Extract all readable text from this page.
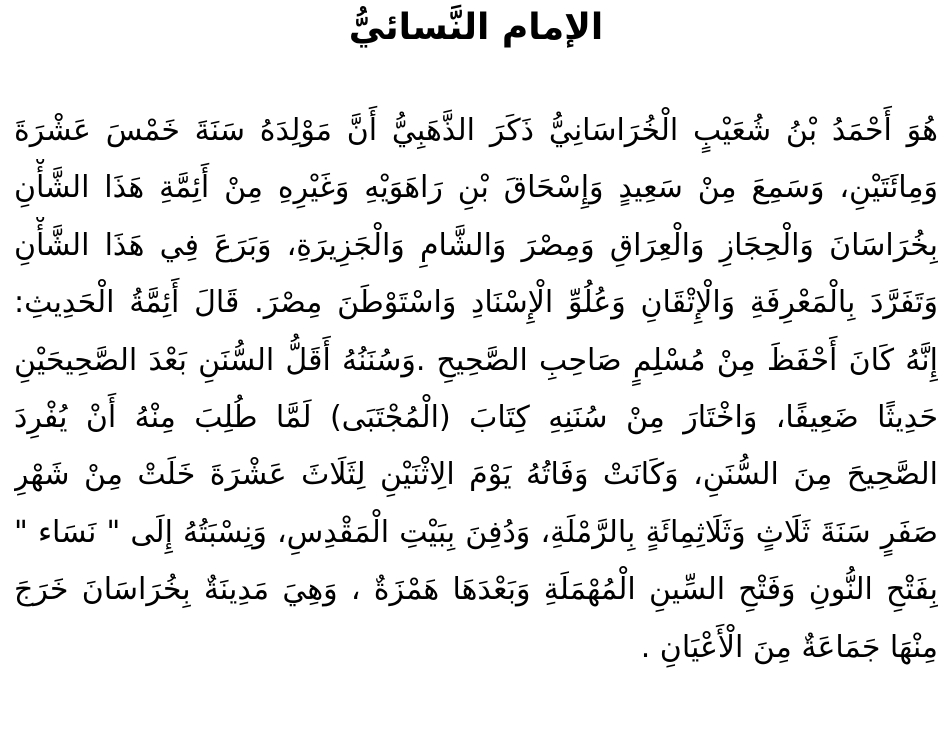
الإمام النَّسائيُّ
هُوَ أَحْمَدُ بْنُ شُعَيْبٍ الْخُرَاسَانِيُّ ذَكَرَ الذَّهَبِيُّ أَنَّ مَوْلِدَهُ سَنَةَ خَمْسَ عَشْرَةَ
وَمِائَتَيْنِ، وَسَمِعَ مِنْ سَعِيدٍ وَإِسْحَاقَ بْنِ رَاهَوَيْهِ وَغَيْرِهِ مِنْ أَئِمَّةِ هَذَا الشَّأْنِ
بِخُرَاسَانَ وَالْحِجَازِ وَالْعِرَاقِ وَمِصْرَ وَالشَّامِ وَالْجَزِيرَةِ، وَبَرَعَ فِي هَذَا الشَّأْنِ
وَتَفَرَّدَ بِالْمَعْرِفَةِ وَالْإِتْقَانِ وَعُلُوِّ الْإِسْنَادِ وَاسْتَوْطَنَ مِصْرَ. قَالَ أَئِمَّةُ الْحَدِيثِ:
إِنَّهُ كَانَ أَحْفَظَ مِنْ مُسْلِمٍ صَاحِبِ الصَّحِيحِ .وَسُنَنُهُ أَقَلُّ السُّنَنِ بَعْدَ الصَّحِيحَيْنِ
حَدِيثًا ضَعِيفًا، وَاخْتَارَ مِنْ سُنَنِهِ كِتَابَ (الْمُجْتَبَى) لَمَّا طُلِبَ مِنْهُ أَنْ يُفْرِدَ
الصَّحِيحَ مِنَ السُّنَنِ، وَكَانَتْ وَفَاتُهُ يَوْمَ الِاثْنَيْنِ لِثَلَاثَ عَشْرَةَ خَلَتْ مِنْ شَهْرِ
صَفَرٍ سَنَةَ ثَلَاثٍ وَثَلَاثِمِائَةٍ بِالرَّمْلَةِ، وَدُفِنَ بِبَيْتِ الْمَقْدِسِ، وَنِسْبَتُهُ إِلَى " نَسَاء "
بِفَتْحِ النُّونِ وَفَتْحِ السِّينِ الْمُهْمَلَةِ وَبَعْدَهَا هَمْزَةٌ ، وَهِيَ مَدِينَةٌ بِخُرَاسَانَ خَرَجَ
مِنْهَا جَمَاعَةٌ مِنَ الْأَعْيَانِ .
